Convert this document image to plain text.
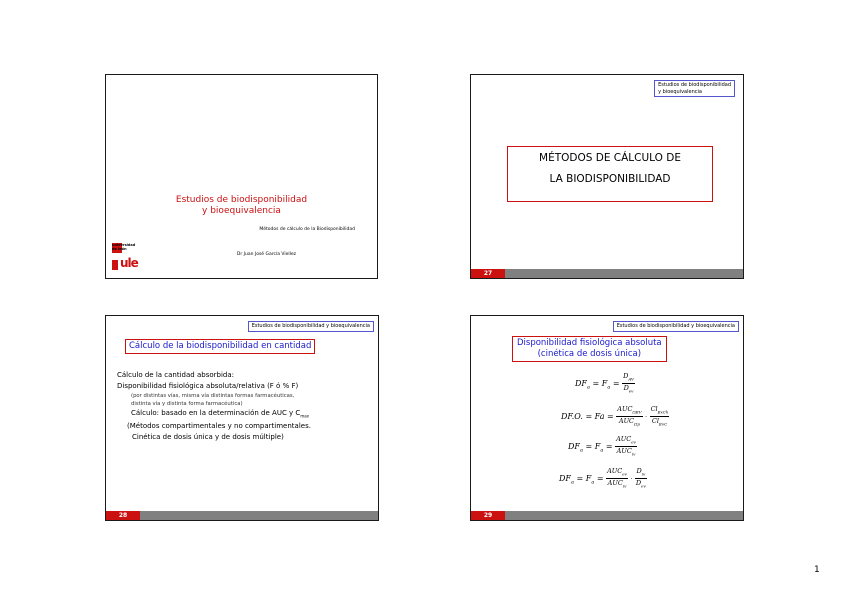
Estudios de biodisponibilidad
y bioequivalencia
Métodos de cálculo de la Biodisponibilidad
Dr Juan José García Viellez
universidad
de león
ule
Estudios de biodisponibilidad
y bioequivalencia
MÉTODOS DE CÁLCULO DE
LA BIODISPONIBILIDAD
27
Estudios de biodisponibilidad y bioequivalencia
Cálculo de la biodisponibilidad en cantidad
Cálculo de la cantidad absorbida:
Disponibilidad fisiológica absoluta/relativa (F ó % F)
(por distintas vías, misma vía distintas formas farmacéuticas,
distinta vía y distinta forma farmacéutica)
Cálculo: basado en la determinación de AUC y $C_{max}$
(Métodos compartimentales y no compartimentales.
Cinética de dosis única y de dosis múltiple)
28
Estudios de biodisponibilidad y bioequivalencia
Disponibilidad fisiológica absoluta
(cinética de dosis única)
$DF_a = F_a = \frac{D_{AV}}{D_{ev}}$
DF.O. = $Fa = \frac{AUC_{\Omega EV}}{AUC_{\Omega p}} \cdot \frac{Cl_{ExCh}}{Cl_{EvC}}$
$DF_a = F_a = \frac{AUC_{ev}}{AUC_{iv}}$
$DF_a = F_a = \frac{AUC_{ev}}{AUC_{iv}} \cdot \frac{D_{iv}}{D_{ev}}$
29
1
